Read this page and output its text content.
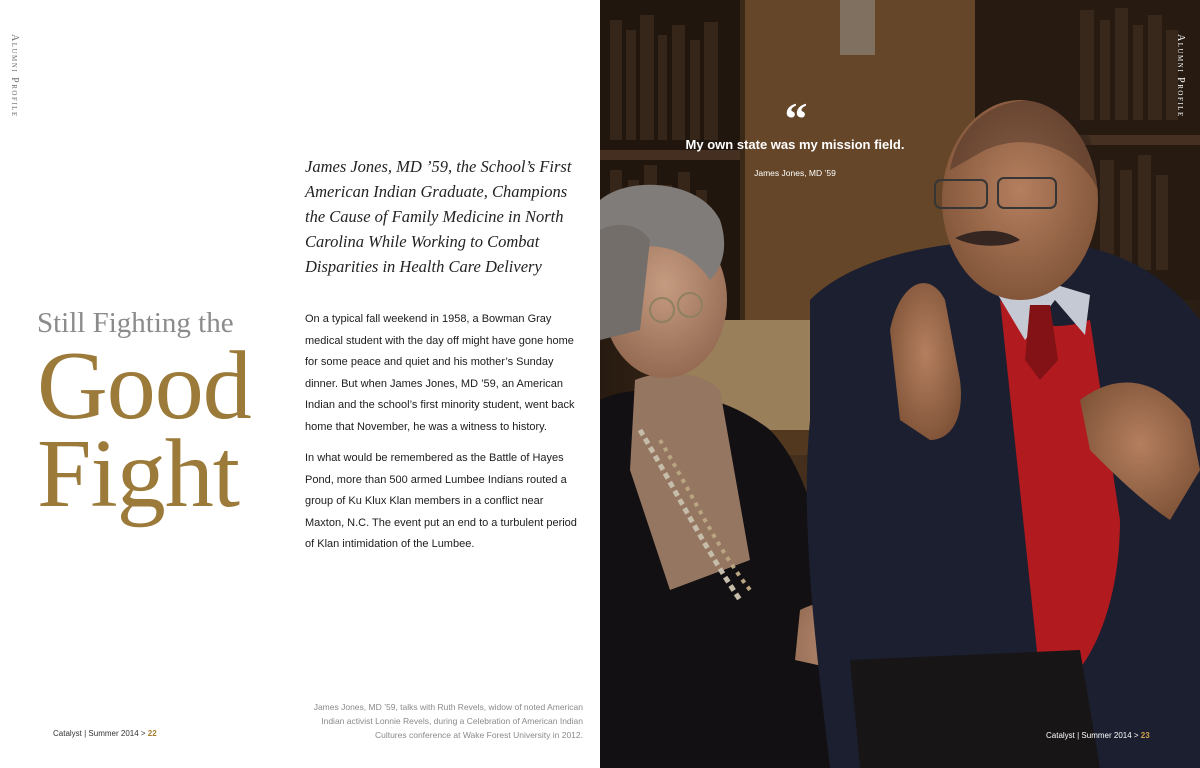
Alumni Profile
Still Fighting the
Good
Fight
James Jones, MD ’59, the School’s First American Indian Graduate, Champions the Cause of Family Medicine in North Carolina While Working to Combat Disparities in Health Care Delivery

On a typical fall weekend in 1958, a Bowman Gray medical student with the day off might have gone home for some peace and quiet and his mother’s Sunday dinner. But when James Jones, MD ’59, an American Indian and the school’s first minority student, went back home that November, he was a witness to history.

In what would be remembered as the Battle of Hayes Pond, more than 500 armed Lumbee Indians routed a group of Ku Klux Klan members in a conflict near Maxton, N.C. The event put an end to a turbulent period of Klan intimidation of the Lumbee.

Catalyst | Summer 2014 > 22
James Jones, MD ’59, talks with Ruth Revels, widow of noted American Indian activist Lonnie Revels, during a Celebration of American Indian Cultures conference at Wake Forest University in 2012.
“
My own state was my mission field.
James Jones, MD ’59
Alumni Profile
Catalyst | Summer 2014 > 23
